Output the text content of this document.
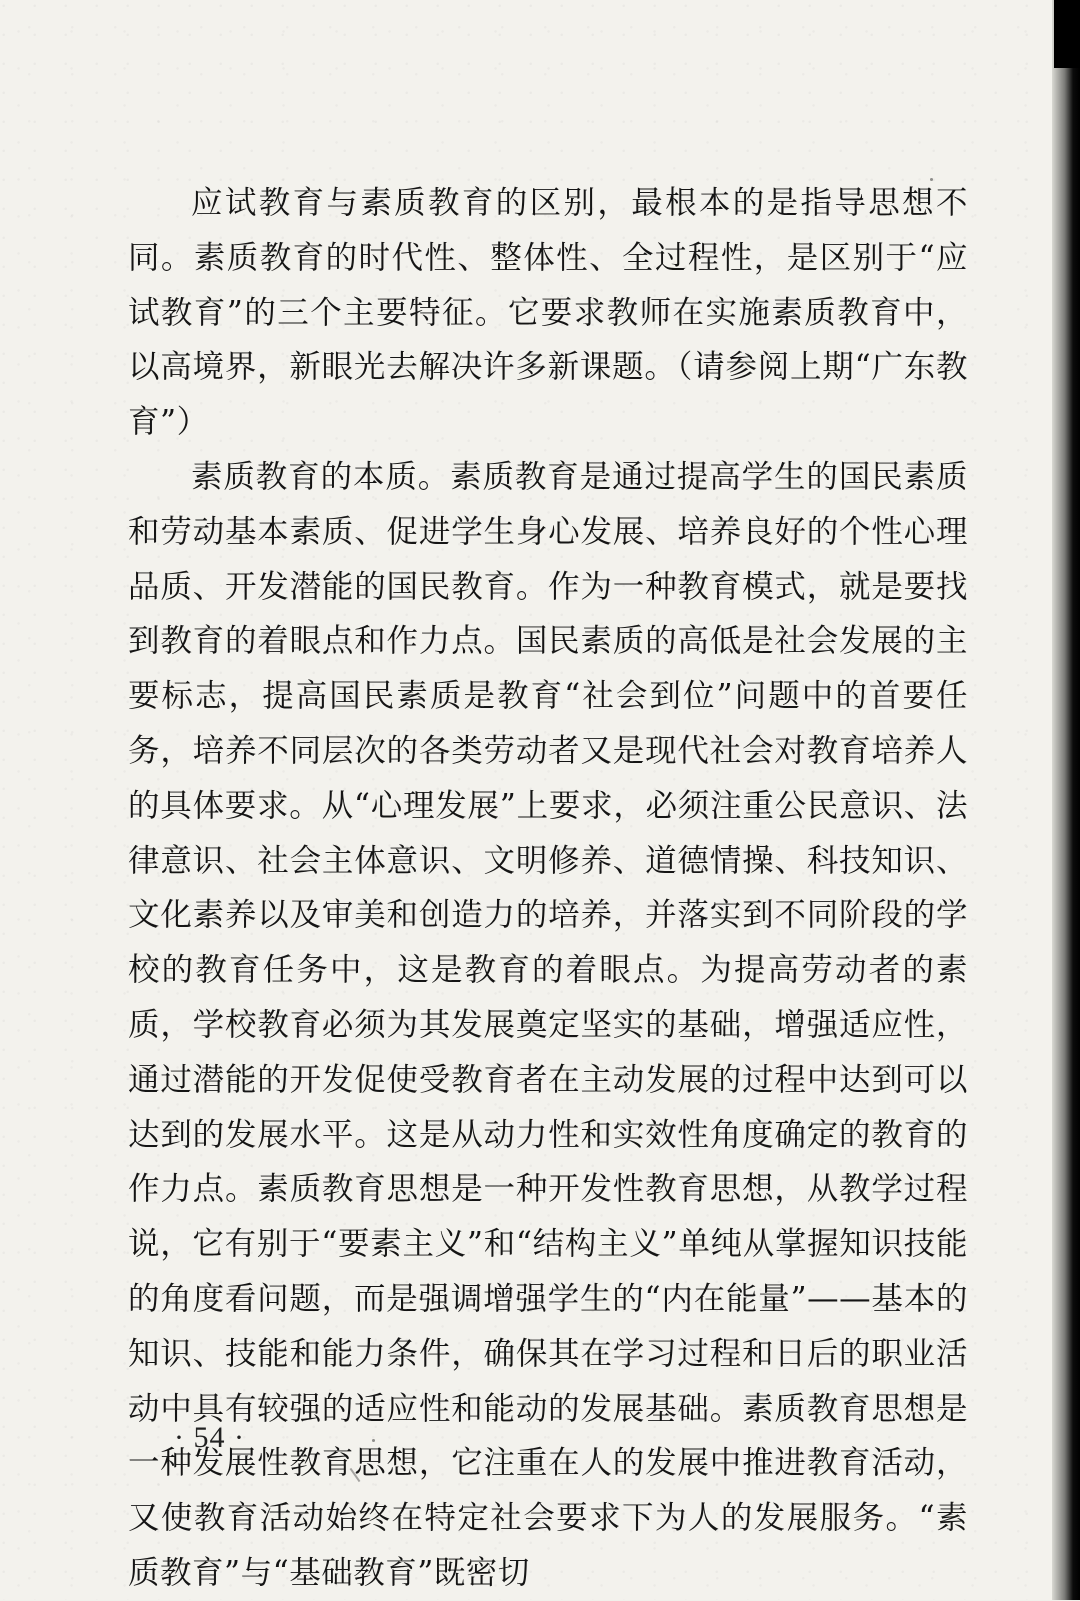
应试教育与素质教育的区别，最根本的是指导思想不同。素质教育的时代性、整体性、全过程性，是区别于“应试教育”的三个主要特征。它要求教师在实施素质教育中，以高境界，新眼光去解决许多新课题。（请参阅上期“广东教育”）

素质教育的本质。素质教育是通过提高学生的国民素质和劳动基本素质、促进学生身心发展、培养良好的个性心理品质、开发潜能的国民教育。作为一种教育模式，就是要找到教育的着眼点和作力点。国民素质的高低是社会发展的主要标志，提高国民素质是教育“社会到位”问题中的首要任务，培养不同层次的各类劳动者又是现代社会对教育培养人的具体要求。从“心理发展”上要求，必须注重公民意识、法律意识、社会主体意识、文明修养、道德情操、科技知识、文化素养以及审美和创造力的培养，并落实到不同阶段的学校的教育任务中，这是教育的着眼点。为提高劳动者的素质，学校教育必须为其发展奠定坚实的基础，增强适应性，通过潜能的开发促使受教育者在主动发展的过程中达到可以达到的发展水平。这是从动力性和实效性角度确定的教育的作力点。素质教育思想是一种开发性教育思想，从教学过程说，它有别于“要素主义”和“结构主义”单纯从掌握知识技能的角度看问题，而是强调增强学生的“内在能量”——基本的知识、技能和能力条件，确保其在学习过程和日后的职业活动中具有较强的适应性和能动的发展基础。素质教育思想是一种发展性教育思想，它注重在人的发展中推进教育活动，又使教育活动始终在特定社会要求下为人的发展服务。“素质教育”与“基础教育”既密切

· 54 ·
